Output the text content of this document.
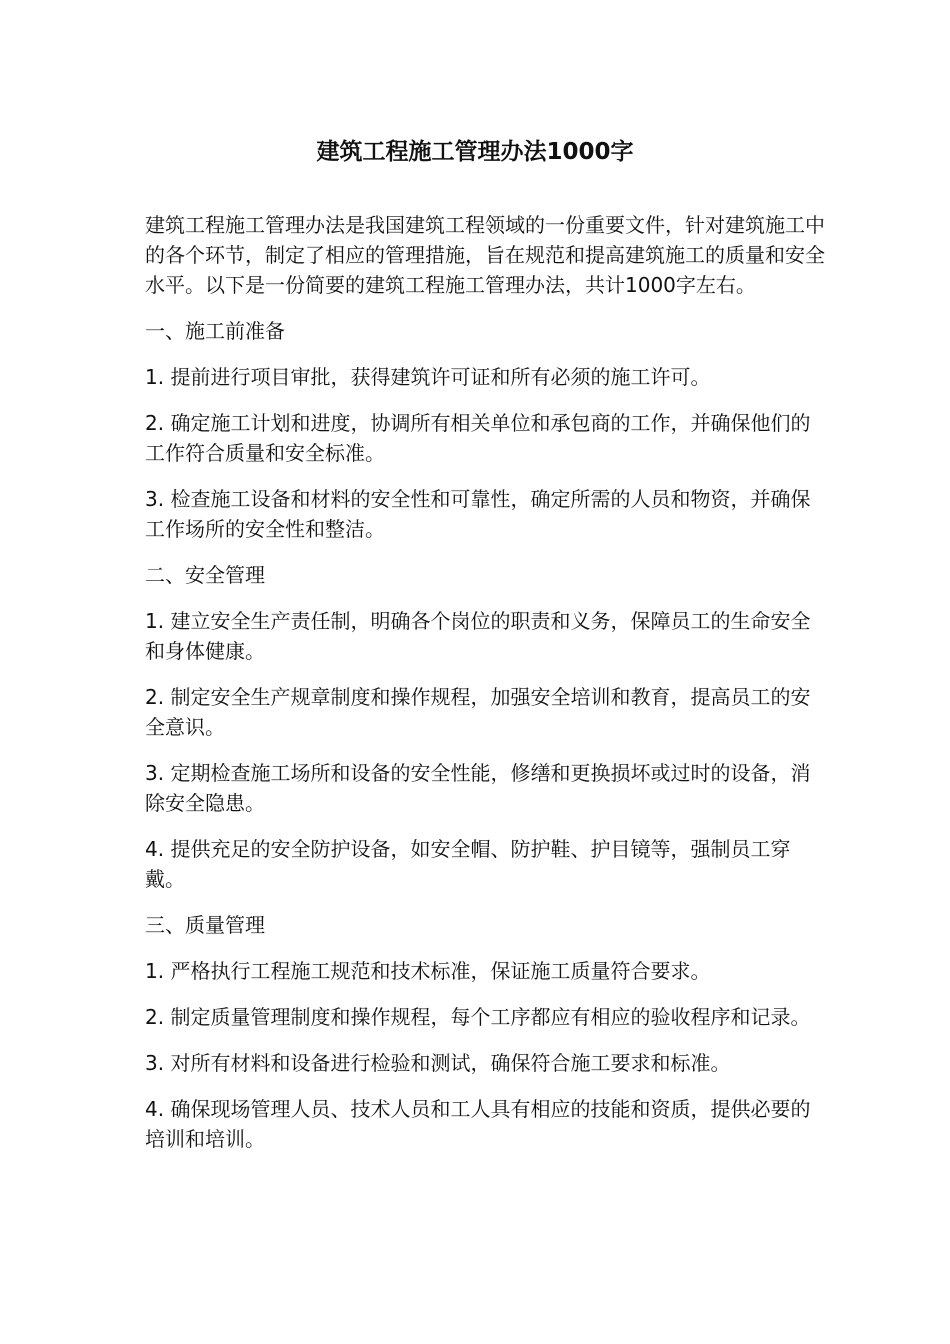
建筑工程施工管理办法1000字

建筑工程施工管理办法是我国建筑工程领域的一份重要文件，针对建筑施工中的各个环节，制定了相应的管理措施，旨在规范和提高建筑施工的质量和安全水平。以下是一份简要的建筑工程施工管理办法，共计1000字左右。

一、施工前准备

1. 提前进行项目审批，获得建筑许可证和所有必须的施工许可。

2. 确定施工计划和进度，协调所有相关单位和承包商的工作，并确保他们的工作符合质量和安全标准。

3. 检查施工设备和材料的安全性和可靠性，确定所需的人员和物资，并确保工作场所的安全性和整洁。

二、安全管理

1. 建立安全生产责任制，明确各个岗位的职责和义务，保障员工的生命安全和身体健康。

2. 制定安全生产规章制度和操作规程，加强安全培训和教育，提高员工的安全意识。

3. 定期检查施工场所和设备的安全性能，修缮和更换损坏或过时的设备，消除安全隐患。

4. 提供充足的安全防护设备，如安全帽、防护鞋、护目镜等，强制员工穿戴。

三、质量管理

1. 严格执行工程施工规范和技术标准，保证施工质量符合要求。

2. 制定质量管理制度和操作规程，每个工序都应有相应的验收程序和记录。

3. 对所有材料和设备进行检验和测试，确保符合施工要求和标准。

4. 确保现场管理人员、技术人员和工人具有相应的技能和资质，提供必要的培训和培训。
